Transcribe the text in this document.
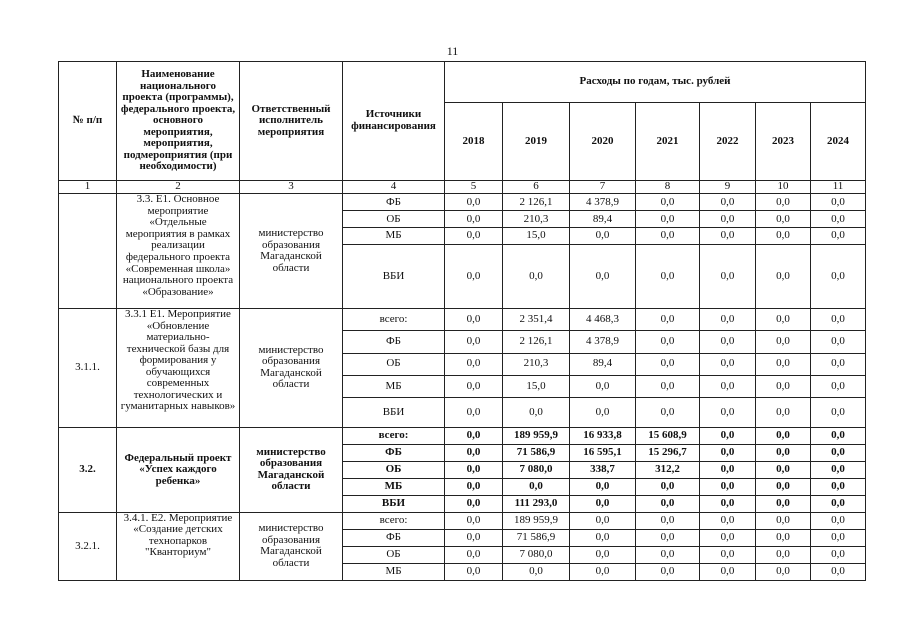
11
№ п/п	Наименование национального проекта (программы), федерального проекта, основного мероприятия, мероприятия, подмероприятия (при необходимости)	Ответственный исполнитель мероприятия	Источники финансирования	Расходы по годам, тыс. рублей						
				2018	2019	2020	2021	2022	2023	2024
1	2	3	4	5	6	7	8	9	10	11
	3.3. Е1. Основное мероприятие «Отдельные мероприятия в рамках реализации федерального проекта «Современная школа» национального проекта «Образование»	министерство образования Магаданской области	ФБ	0,0	2 126,1	4 378,9	0,0	0,0	0,0	0,0
			ОБ	0,0	210,3	89,4	0,0	0,0	0,0	0,0
			МБ	0,0	15,0	0,0	0,0	0,0	0,0	0,0
			ВБИ	0,0	0,0	0,0	0,0	0,0	0,0	0,0
3.1.1.	3.3.1 Е1. Мероприятие «Обновление материально-технической базы для формирования у обучающихся современных технологических и гуманитарных навыков»	министерство образования Магаданской области	всего:	0,0	2 351,4	4 468,3	0,0	0,0	0,0	0,0
			ФБ	0,0	2 126,1	4 378,9	0,0	0,0	0,0	0,0
			ОБ	0,0	210,3	89,4	0,0	0,0	0,0	0,0
			МБ	0,0	15,0	0,0	0,0	0,0	0,0	0,0
			ВБИ	0,0	0,0	0,0	0,0	0,0	0,0	0,0
3.2.	Федеральный проект «Успех каждого ребенка»	министерство образования Магаданской области	всего:	0,0	189 959,9	16 933,8	15 608,9	0,0	0,0	0,0
			ФБ	0,0	71 586,9	16 595,1	15 296,7	0,0	0,0	0,0
			ОБ	0,0	7 080,0	338,7	312,2	0,0	0,0	0,0
			МБ	0,0	0,0	0,0	0,0	0,0	0,0	0,0
			ВБИ	0,0	111 293,0	0,0	0,0	0,0	0,0	0,0
3.2.1.	3.4.1. Е2. Мероприятие «Создание детских технопарков "Кванториум"	министерство образования Магаданской области	всего:	0,0	189 959,9	0,0	0,0	0,0	0,0	0,0
			ФБ	0,0	71 586,9	0,0	0,0	0,0	0,0	0,0
			ОБ	0,0	7 080,0	0,0	0,0	0,0	0,0	0,0
			МБ	0,0	0,0	0,0	0,0	0,0	0,0	0,0
